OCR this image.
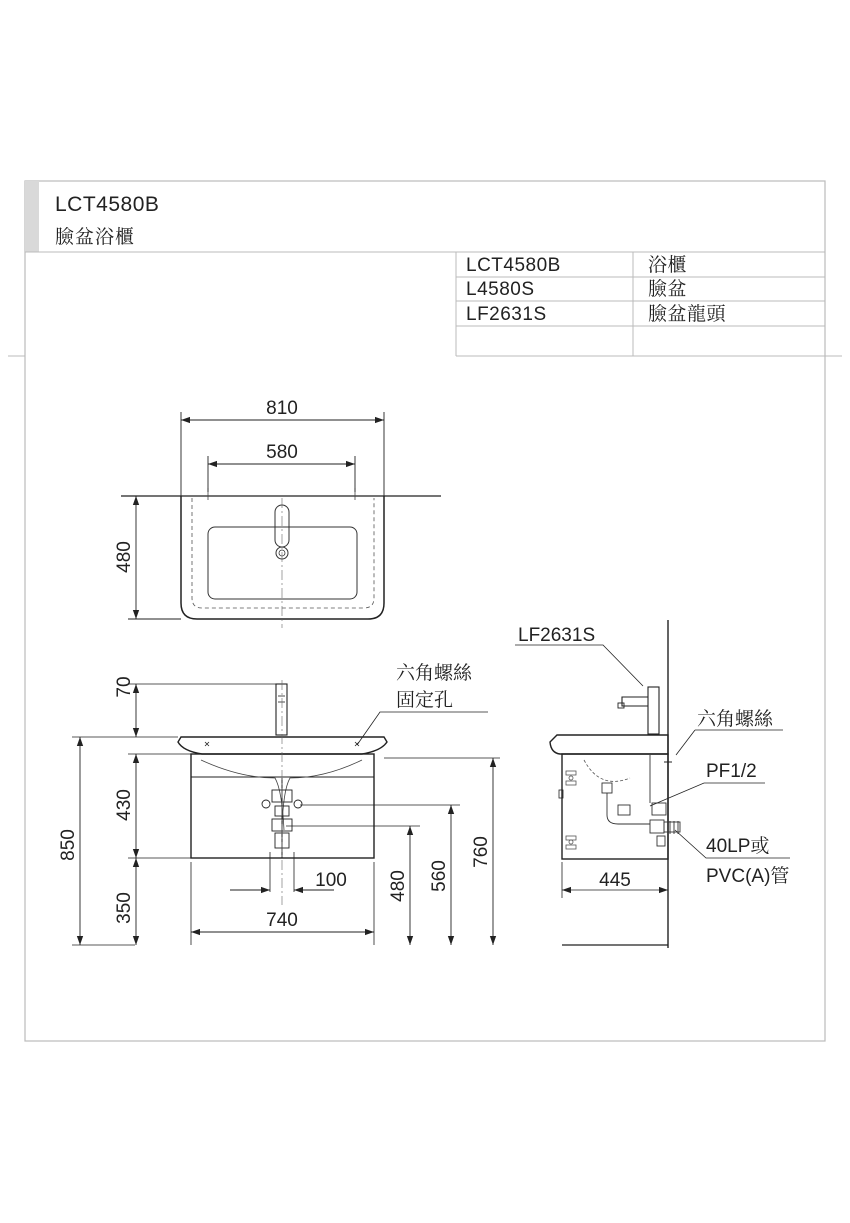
LCT4580B
臉盆浴櫃
LCT4580B	浴櫃
L4580S	臉盆
LF2631S	臉盆龍頭
810
580
480
六角螺絲
固定孔
70
430
850
350
100
740
480 560
760
LF2631S
六角螺絲
PF1/2
40LP或
PVC(A)管
445
